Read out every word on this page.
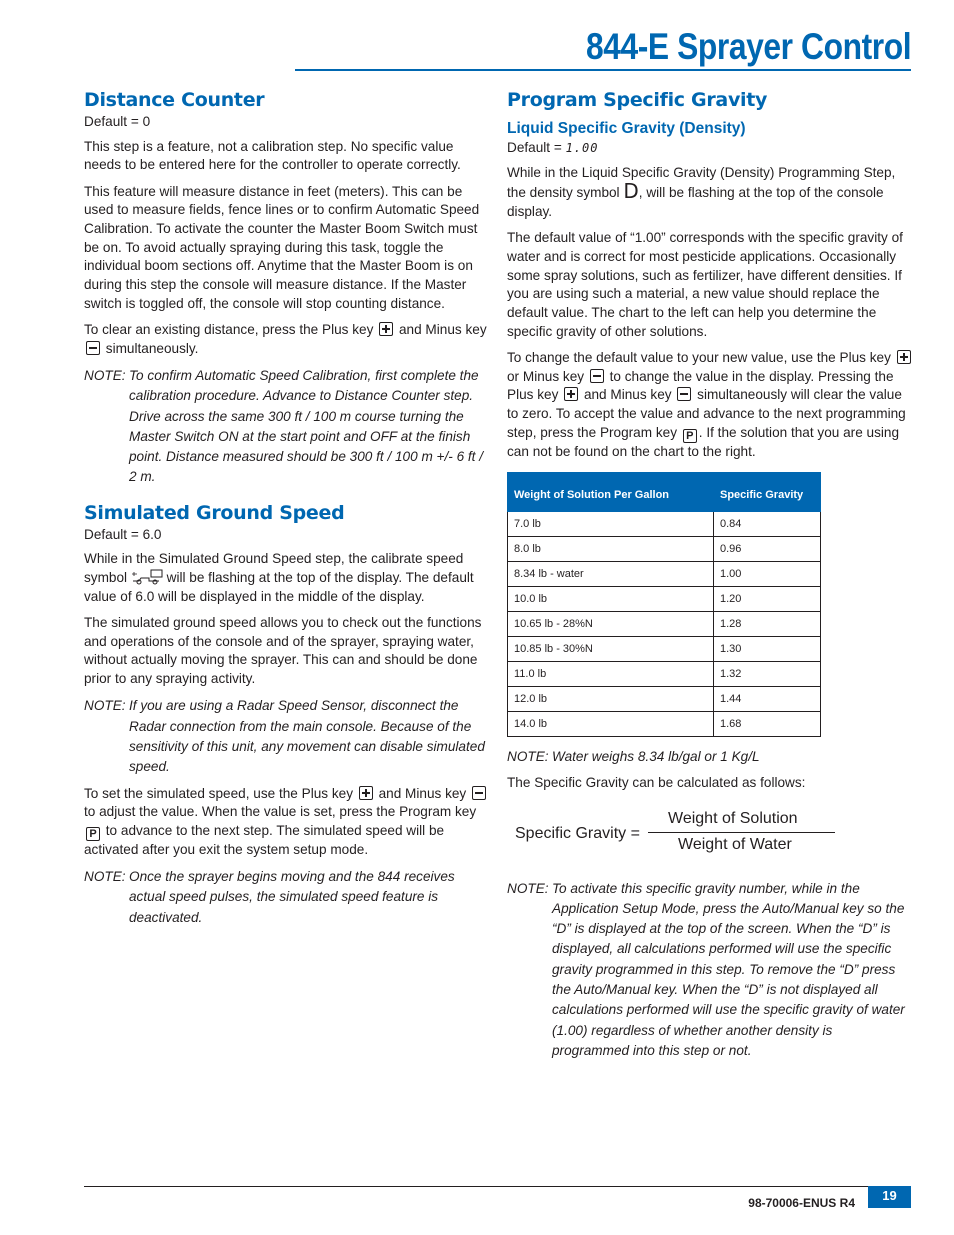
844-E Sprayer Control
Distance Counter

Default = 0

This step is a feature, not a calibration step. No specific value needs to be entered here for the controller to operate correctly.

This feature will measure distance in feet (meters). This can be used to measure fields, fence lines or to confirm Automatic Speed Calibration. To activate the counter the Master Boom Switch must be on. To avoid actually spraying during this task, toggle the individual boom sections off. Anytime that the Master Boom is on during this step the console will measure distance. If the Master switch is toggled off, the console will stop counting distance.

To clear an existing distance, press the Plus key and Minus key  simultaneously.

NOTE: To confirm Automatic Speed Calibration, first complete the calibration procedure. Advance to Distance Counter step. Drive across the same 300 ft / 100 m course turning the Master Switch ON at the start point and OFF at the finish point. Distance measured should be 300 ft / 100 m +/- 6 ft / 2 m.
Simulated Ground Speed

Default = 6.0

While in the Simulated Ground Speed step, the calibrate speed symbol	will be flashing at the top of the display. The default value of 6.0 will be displayed in the middle of the display.

The simulated ground speed allows you to check out the functions and operations of the console and of the sprayer, spraying water, without actually moving the sprayer. This can and should be done prior to any spraying activity.

NOTE: If you are using a Radar Speed Sensor, disconnect the Radar connection from the main console. Because of the sensitivity of this unit, any movement can disable simulated speed.

To set the simulated speed, use the Plus key and Minus key  to adjust the value. When the value is set, press the Program key P to advance to the next step. The simulated speed will be activated after you exit the system setup mode.

NOTE: Once the sprayer begins moving and the 844 receives actual speed pulses, the simulated speed feature is deactivated.
Program Specific Gravity
Liquid Specific Gravity (Density)

Default = 1.00

While in the Liquid Specific Gravity (Density) Programming Step, the density symbol D, will be flashing at the top of the console display.

The default value of “1.00” corresponds with the specific gravity of water and is correct for most pesticide applications. Occasionally some spray solutions, such as fertilizer, have different densities. If you are using such a material, a new value should replace the default value. The chart to the left can help you determine the specific gravity of other solutions.

To change the default value to your new value, use the Plus key  or Minus key to change the value in the display. Pressing the Plus key and Minus key simultaneously will clear the value to zero. To accept the value and advance to the next programming step, press the Program key P . If the solution that you are using can not be found on the chart to the right.

Weight of Solution Per Gallon	Specific Gravity
7.0 lb	0.84
8.0 lb	0.96
8.34 lb - water	1.00
10.0 lb	1.20
10.65 lb - 28%N	1.28
10.85 lb - 30%N	1.30
11.0 lb	1.32
12.0 lb	1.44
14.0 lb	1.68
NOTE: Water weighs 8.34 lb/gal or 1 Kg/L

The Specific Gravity can be calculated as follows:

Specific Gravity =
Weight of Solution
Weight of Water
NOTE: To activate this specific gravity number, while in the Application Setup Mode, press the Auto/Manual key so the “D” is displayed at the top of the screen. When the “D” is displayed, all calculations performed will use the specific gravity programmed in this step. To remove the “D” press the Auto/Manual key. When the “D” is not displayed all calculations performed will use the specific gravity of water (1.00) regardless of whether another density is programmed into this step or not.
98-70006-ENUS R4	19
